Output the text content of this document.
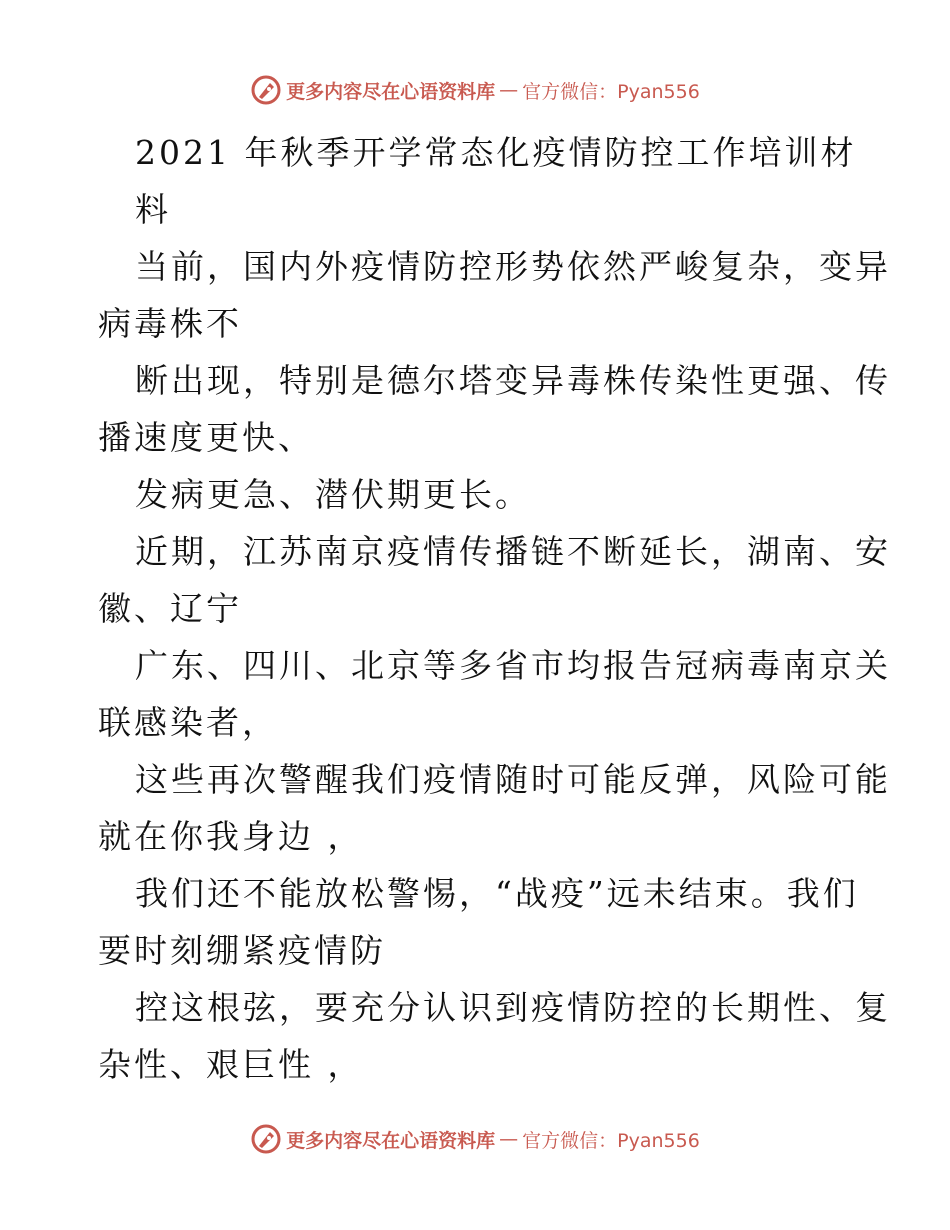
更多内容尽在心语资料库 — 官方微信：Pyan556
2021 年秋季开学常态化疫情防控工作培训材
料
当前，国内外疫情防控形势依然严峻复杂，变异
病毒株不
断出现，特别是德尔塔变异毒株传染性更强、传
播速度更快、
发病更急、潜伏期更长。
近期，江苏南京疫情传播链不断延长，湖南、安
徽、辽宁
广东、四川、北京等多省市均报告冠病毒南京关
联感染者，
这些再次警醒我们疫情随时可能反弹，风险可能
就在你我身边 ，
我们还不能放松警惕，“战疫”远未结束。我们
要时刻绷紧疫情防
控这根弦，要充分认识到疫情防控的长期性、复
杂性、艰巨性 ，
更多内容尽在心语资料库 — 官方微信：Pyan556
